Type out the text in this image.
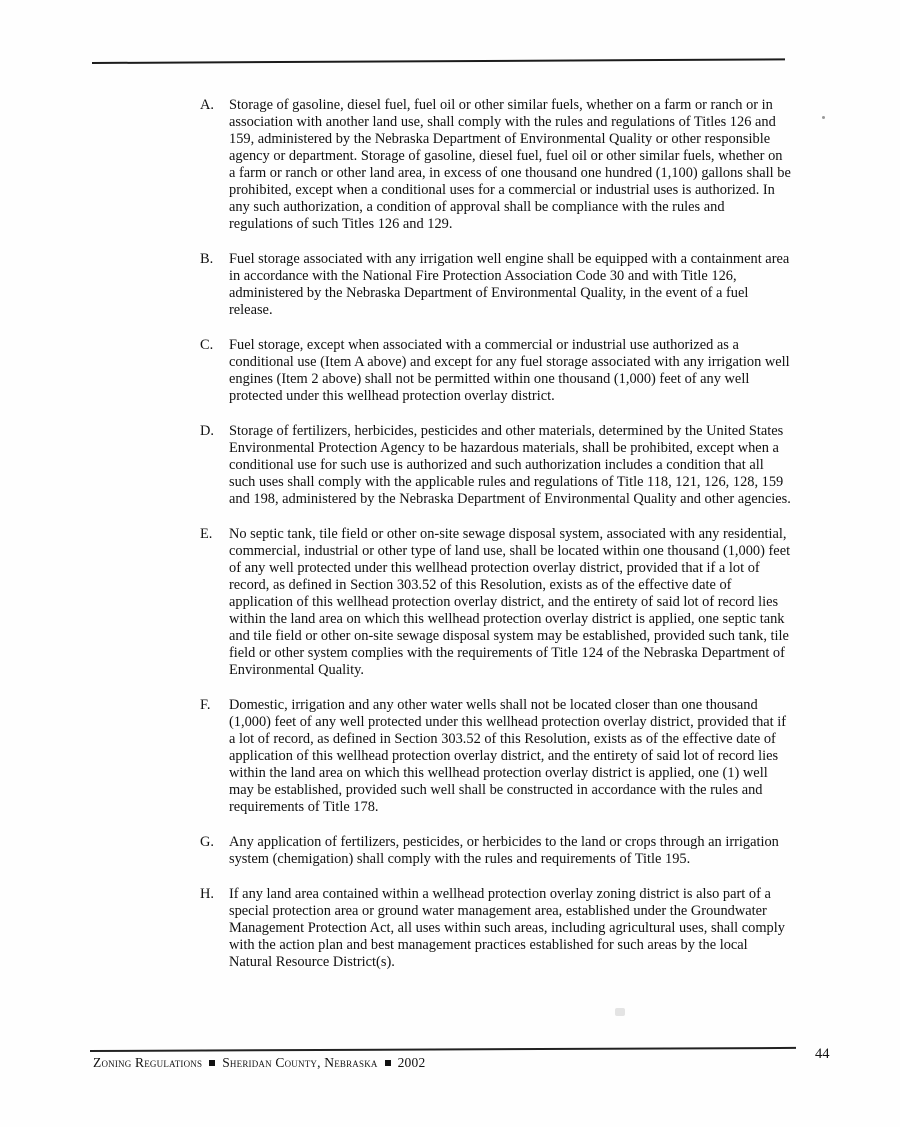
A.	Storage of gasoline, diesel fuel, fuel oil or other similar fuels, whether on a farm or ranch or in association with another land use, shall comply with the rules and regulations of Titles 126 and 159, administered by the Nebraska Department of Environmental Quality or other responsible agency or department. Storage of gasoline, diesel fuel, fuel oil or other similar fuels, whether on a farm or ranch or other land area, in excess of one thousand one hundred (1,100) gallons shall be prohibited, except when a conditional uses for a commercial or industrial uses is authorized. In any such authorization, a condition of approval shall be compliance with the rules and regulations of such Titles 126 and 129.
B.	Fuel storage associated with any irrigation well engine shall be equipped with a containment area in accordance with the National Fire Protection Association Code 30 and with Title 126, administered by the Nebraska Department of Environmental Quality, in the event of a fuel release.
C.	Fuel storage, except when associated with a commercial or industrial use authorized as a conditional use (Item A above) and except for any fuel storage associated with any irrigation well engines (Item 2 above) shall not be permitted within one thousand (1,000) feet of any well protected under this wellhead protection overlay district.
D.	Storage of fertilizers, herbicides, pesticides and other materials, determined by the United States Environmental Protection Agency to be hazardous materials, shall be prohibited, except when a conditional use for such use is authorized and such authorization includes a condition that all such uses shall comply with the applicable rules and regulations of Title 118, 121, 126, 128, 159 and 198, administered by the Nebraska Department of Environmental Quality and other agencies.
E.	No septic tank, tile field or other on-site sewage disposal system, associated with any residential, commercial, industrial or other type of land use, shall be located within one thousand (1,000) feet of any well protected under this wellhead protection overlay district, provided that if a lot of record, as defined in Section 303.52 of this Resolution, exists as of the effective date of application of this wellhead protection overlay district, and the entirety of said lot of record lies within the land area on which this wellhead protection overlay district is applied, one septic tank and tile field or other on-site sewage disposal system may be established, provided such tank, tile field or other system complies with the requirements of Title 124 of the Nebraska Department of Environmental Quality.
F.	Domestic, irrigation and any other water wells shall not be located closer than one thousand (1,000) feet of any well protected under this wellhead protection overlay district, provided that if a lot of record, as defined in Section 303.52 of this Resolution, exists as of the effective date of application of this wellhead protection overlay district, and the entirety of said lot of record lies within the land area on which this wellhead protection overlay district is applied, one (1) well may be established, provided such well shall be constructed in accordance with the rules and requirements of Title 178.
G.	Any application of fertilizers, pesticides, or herbicides to the land or crops through an irrigation system (chemigation) shall comply with the rules and requirements of Title 195.
H.	If any land area contained within a wellhead protection overlay zoning district is also part of a special protection area or ground water management area, established under the Groundwater Management Protection Act, all uses within such areas, including agricultural uses, shall comply with the action plan and best management practices established for such areas by the local Natural Resource District(s).
Zoning Regulations Sheridan County, Nebraska 2002
44
